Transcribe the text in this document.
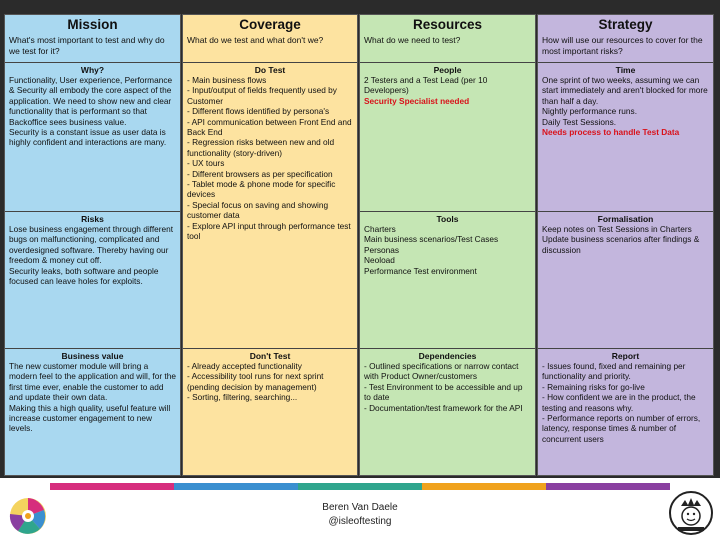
Mission
What's most important to test and why do we test for it?
Why?
Functionality, User experience, Performance & Security all embody the core aspect of the application. We need to show new and clear functionality that is performant so that Backoffice sees business value.
Security is a constant issue as user data is highly confident and interactions are many.
Risks
Lose business engagement through different bugs on malfunctioning, complicated and overdesigned software. Thereby having our freedom & money cut off.
Security leaks, both software and people focused can leave holes for exploits.
Business value
The new customer module will bring a modern feel to the application and will, for the first time ever, enable the customer to add and update their own data.
Making this a high quality, useful feature will increase customer engagement to new levels.
Coverage
What do we test and what don't we?
Do Test
- Main business flows
- Input/output of fields frequently used by Customer
- Different flows identified by persona's
- API communication between Front End and Back End
- Regression risks between new and old functionality (story-driven)
- UX tours
- Different browsers as per specification
- Tablet mode & phone mode for specific devices
- Special focus on saving and showing customer data
- Explore API input through performance test tool
Don't Test
- Already accepted functionality
- Accessibility tool runs for next sprint (pending decision by management)
- Sorting, filtering, searching...
Resources
What do we need to test?
People
2 Testers and a Test Lead (per 10 Developers)
Security Specialist needed
Tools
Charters
Main business scenarios/Test Cases
Personas
Neoload
Performance Test environment
Dependencies
- Outlined specifications or narrow contact with Product Owner/customers
- Test Environment to be accessible and up to date
- Documentation/test framework for the API
Strategy
How will use our resources to cover for the most important risks?
Time
One sprint of two weeks, assuming we can start immediately and aren't blocked for more than half a day.
Nightly performance runs.
Daily Test Sessions.
Needs process to handle Test Data
Formalisation
Keep notes on Test Sessions in Charters
Update business scenarios after findings & discussion
Report
- Issues found, fixed and remaining per functionality and priority.
- Remaining risks for go-live
- How confident we are in the product, the testing and reasons why.
- Performance reports on number of errors, latency, response times & number of concurrent users
Beren Van Daele
@isleoftesting
